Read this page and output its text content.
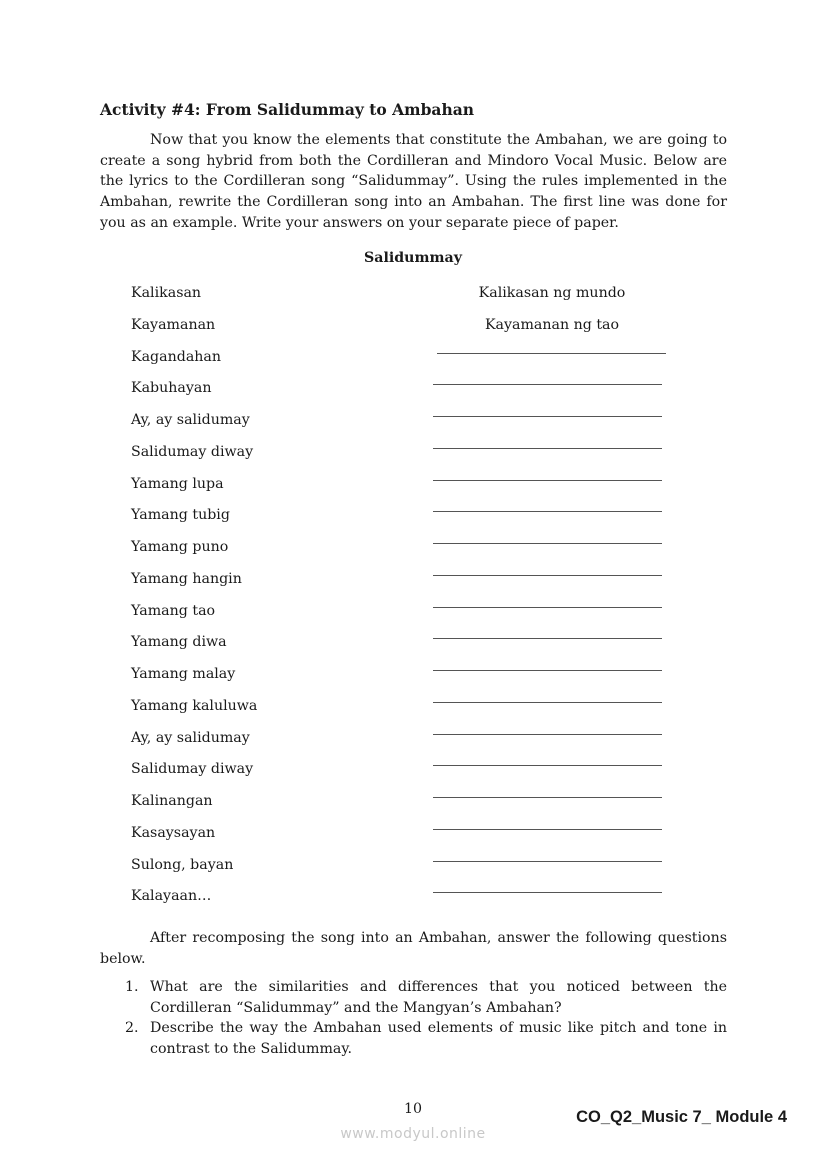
Activity #4: From Salidummay to Ambahan

Now that you know the elements that constitute the Ambahan, we are going to create a song hybrid from both the Cordilleran and Mindoro Vocal Music. Below are the lyrics to the Cordilleran song “Salidummay”. Using the rules implemented in the Ambahan, rewrite the Cordilleran song into an Ambahan. The first line was done for you as an example. Write your answers on your separate piece of paper.

Salidummay
Kalikasan
Kayamanan
Kagandahan
Kabuhayan
Ay, ay salidumay
Salidumay diway
Yamang lupa
Yamang tubig
Yamang puno
Yamang hangin
Yamang tao
Yamang diwa
Yamang malay
Yamang kaluluwa
Ay, ay salidumay
Salidumay diway
Kalinangan
Kasaysayan
Sulong, bayan
Kalayaan…
Kalikasan ng mundo
Kayamanan ng tao

After recomposing the song into an Ambahan, answer the following questions below.

1. What are the similarities and differences that you noticed between the Cordilleran “Salidummay” and the Mangyan’s Ambahan?
2. Describe the way the Ambahan used elements of music like pitch and tone in contrast to the Salidummay.
10	CO_Q2_Music 7_ Module 4
www.modyul.online
